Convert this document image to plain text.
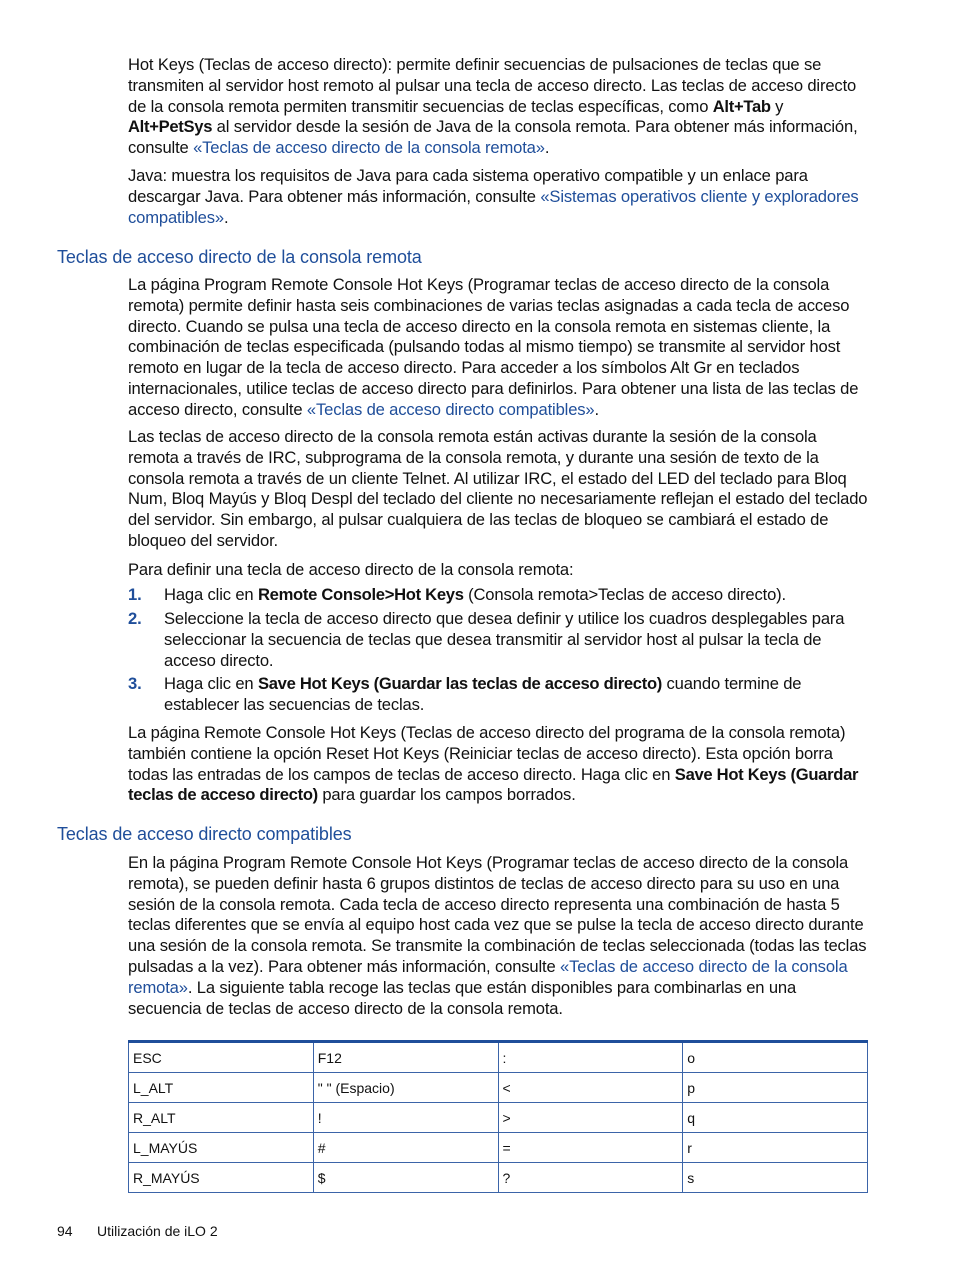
Hot Keys (Teclas de acceso directo): permite definir secuencias de pulsaciones de teclas que se transmiten al servidor host remoto al pulsar una tecla de acceso directo. Las teclas de acceso directo de la consola remota permiten transmitir secuencias de teclas específicas, como Alt+Tab y Alt+PetSys al servidor desde la sesión de Java de la consola remota. Para obtener más información, consulte «Teclas de acceso directo de la consola remota».

Java: muestra los requisitos de Java para cada sistema operativo compatible y un enlace para descargar Java. Para obtener más información, consulte «Sistemas operativos cliente y exploradores compatibles».

Teclas de acceso directo de la consola remota

La página Program Remote Console Hot Keys (Programar teclas de acceso directo de la consola remota) permite definir hasta seis combinaciones de varias teclas asignadas a cada tecla de acceso directo. Cuando se pulsa una tecla de acceso directo en la consola remota en sistemas cliente, la combinación de teclas especificada (pulsando todas al mismo tiempo) se transmite al servidor host remoto en lugar de la tecla de acceso directo. Para acceder a los símbolos Alt Gr en teclados internacionales, utilice teclas de acceso directo para definirlos. Para obtener una lista de las teclas de acceso directo, consulte «Teclas de acceso directo compatibles».

Las teclas de acceso directo de la consola remota están activas durante la sesión de la consola remota a través de IRC, subprograma de la consola remota, y durante una sesión de texto de la consola remota a través de un cliente Telnet. Al utilizar IRC, el estado del LED del teclado para Bloq Num, Bloq Mayús y Bloq Despl del teclado del cliente no necesariamente reflejan el estado del teclado del servidor. Sin embargo, al pulsar cualquiera de las teclas de bloqueo se cambiará el estado de bloqueo del servidor.

Para definir una tecla de acceso directo de la consola remota:

1. Haga clic en Remote Console>Hot Keys (Consola remota>Teclas de acceso directo).
2. Seleccione la tecla de acceso directo que desea definir y utilice los cuadros desplegables para seleccionar la secuencia de teclas que desea transmitir al servidor host al pulsar la tecla de acceso directo.
3. Haga clic en Save Hot Keys (Guardar las teclas de acceso directo) cuando termine de establecer las secuencias de teclas.

La página Remote Console Hot Keys (Teclas de acceso directo del programa de la consola remota) también contiene la opción Reset Hot Keys (Reiniciar teclas de acceso directo). Esta opción borra todas las entradas de los campos de teclas de acceso directo. Haga clic en Save Hot Keys (Guardar teclas de acceso directo) para guardar los campos borrados.

Teclas de acceso directo compatibles

En la página Program Remote Console Hot Keys (Programar teclas de acceso directo de la consola remota), se pueden definir hasta 6 grupos distintos de teclas de acceso directo para su uso en una sesión de la consola remota. Cada tecla de acceso directo representa una combinación de hasta 5 teclas diferentes que se envía al equipo host cada vez que se pulse la tecla de acceso directo durante una sesión de la consola remota. Se transmite la combinación de teclas seleccionada (todas las teclas pulsadas a la vez). Para obtener más información, consulte «Teclas de acceso directo de la consola remota». La siguiente tabla recoge las teclas que están disponibles para combinarlas en una secuencia de teclas de acceso directo de la consola remota.

ESC	F12	:	o
L_ALT	" " (Espacio)	<	p
R_ALT	!	>	q
L_MAYÚS	#	=	r
R_MAYÚS	$	?	s
94 Utilización de iLO 2
